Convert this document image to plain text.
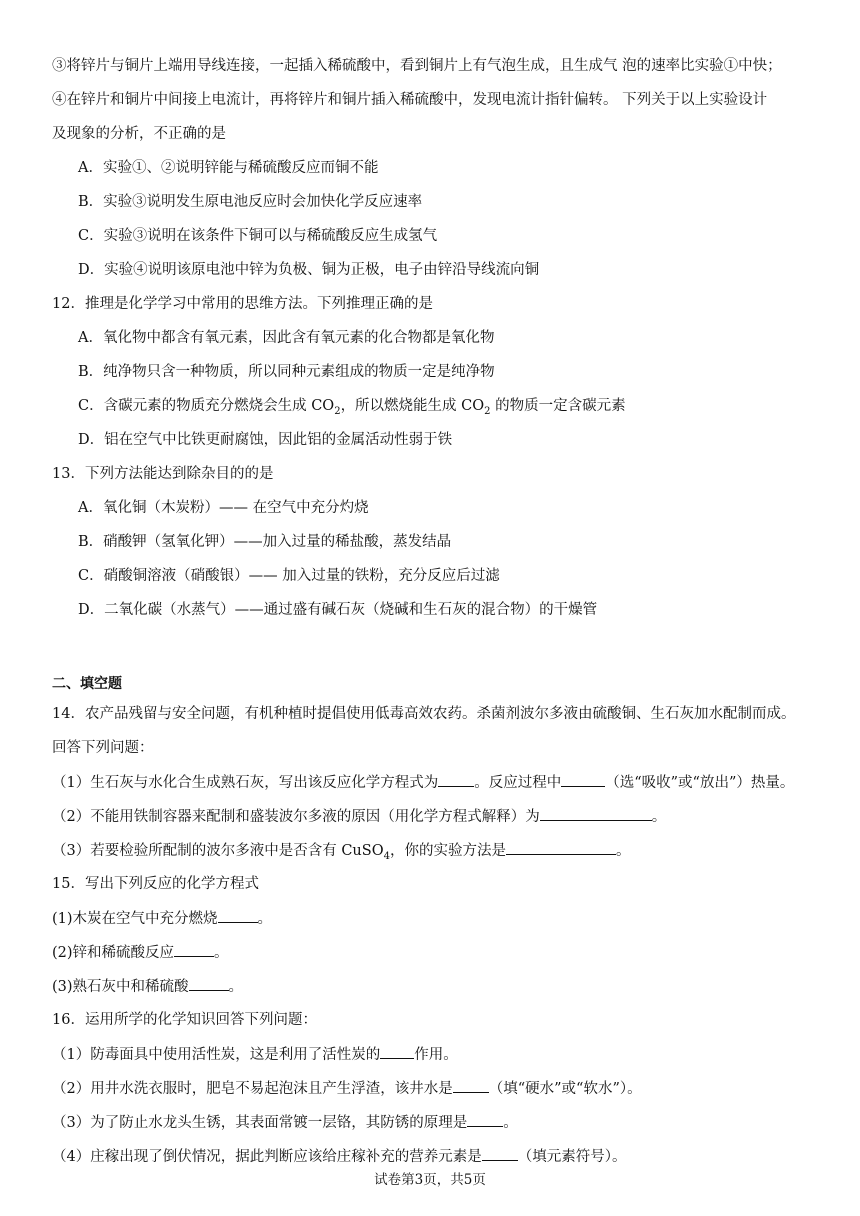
③将锌片与铜片上端用导线连接，一起插入稀硫酸中，看到铜片上有气泡生成，且生成气 泡的速率比实验①中快；
④在锌片和铜片中间接上电流计，再将锌片和铜片插入稀硫酸中，发现电流计指针偏转。 下列关于以上实验设计
及现象的分析，不正确的是
A．实验①、②说明锌能与稀硫酸反应而铜不能
B．实验③说明发生原电池反应时会加快化学反应速率
C．实验③说明在该条件下铜可以与稀硫酸反应生成氢气
D．实验④说明该原电池中锌为负极、铜为正极，电子由锌沿导线流向铜
12．推理是化学学习中常用的思维方法。下列推理正确的是
A．氧化物中都含有氧元素，因此含有氧元素的化合物都是氧化物
B．纯净物只含一种物质，所以同种元素组成的物质一定是纯净物
C．含碳元素的物质充分燃烧会生成 $CO_2$，所以燃烧能生成 $CO_2$ 的物质一定含碳元素
D．铝在空气中比铁更耐腐蚀，因此铝的金属活动性弱于铁
13．下列方法能达到除杂目的的是
A．氧化铜（木炭粉）—— 在空气中充分灼烧
B．硝酸钾（氢氧化钾）——加入过量的稀盐酸，蒸发结晶
C．硝酸铜溶液（硝酸银）—— 加入过量的铁粉，充分反应后过滤
D．二氧化碳（水蒸气）——通过盛有碱石灰（烧碱和生石灰的混合物）的干燥管
二、填空题
14．农产品残留与安全问题，有机种植时提倡使用低毒高效农药。杀菌剂波尔多液由硫酸铜、生石灰加水配制而成。
回答下列问题：
（1）生石灰与水化合生成熟石灰，写出该反应化学方程式为 。反应过程中	（选“吸收”或“放出”）热量。
（2）不能用铁制容器来配制和盛装波尔多液的原因（用化学方程式解释）为	。
（3）若要检验所配制的波尔多液中是否含有 CuSO$_4$，你的实验方法是	。
15．写出下列反应的化学方程式
(1)木炭在空气中充分燃烧	。
(2)锌和稀硫酸反应	。
(3)熟石灰中和稀硫酸	。
16．运用所学的化学知识回答下列问题：
（1）防毒面具中使用活性炭，这是利用了活性炭的 作用。
（2）用井水洗衣服时，肥皂不易起泡沫且产生浮渣，该井水是 （填“硬水”或“软水”）。
（3）为了防止水龙头生锈，其表面常镀一层铬，其防锈的原理是 。
（4）庄稼出现了倒伏情况，据此判断应该给庄稼补充的营养元素是 （填元素符号）。
试卷第3页，共5页
